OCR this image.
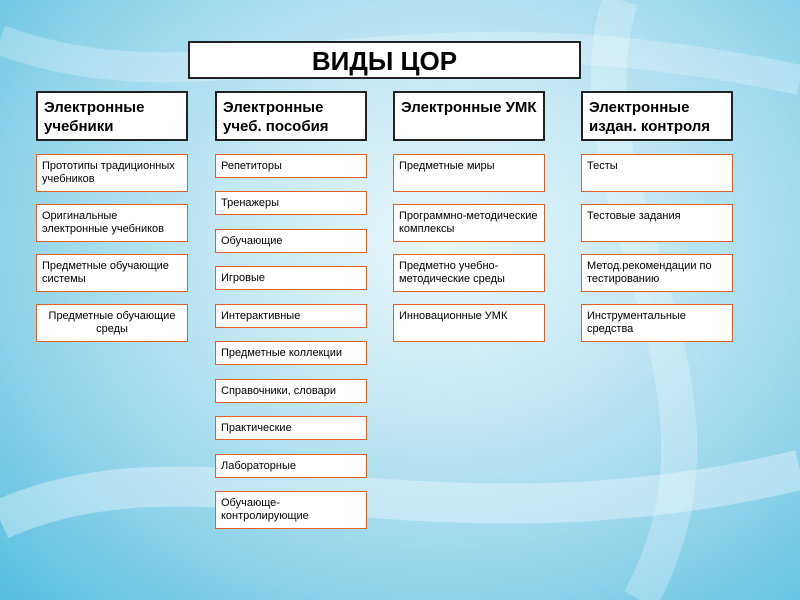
ВИДЫ ЦОР
Электронные учебники
Прототипы традиционных учебников
Оригинальные электронные учебников
Предметные обучающие системы
Предметные обучающие среды
Электронные учеб. пособия
Репетиторы
Тренажеры
Обучающие
Игровые
Интерактивные
Предметные коллекции
Справочники, словари
Практические
Лабораторные
Обучающе-контролирующие
Электронные УМК
Предметные миры
Программно-методические комплексы
Предметно учебно-методические среды
Инновационные УМК
Электронные издан. контроля
Тесты
Тестовые задания
Метод.рекомендации по тестированию
Инструментальные средства
